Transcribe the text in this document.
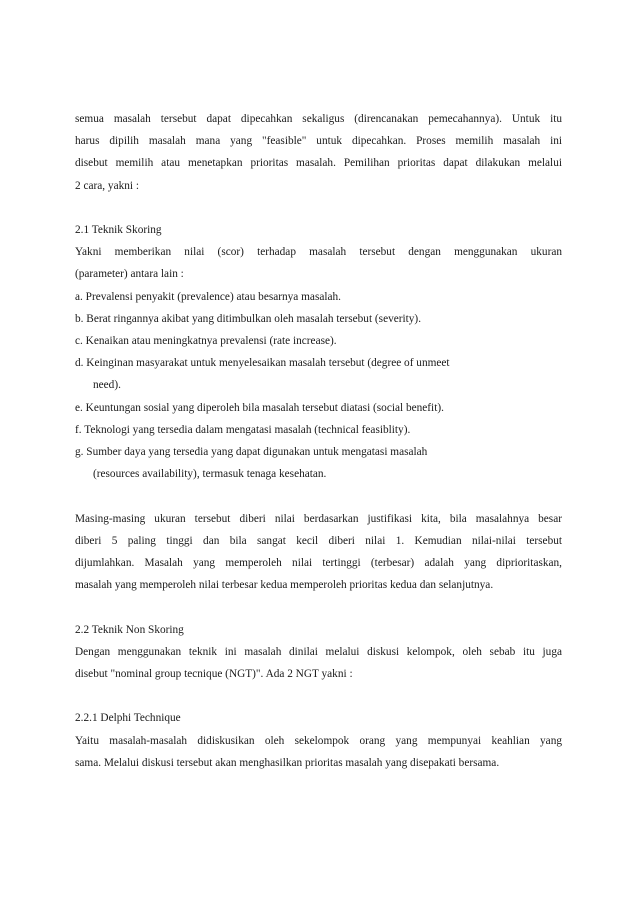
semua masalah tersebut dapat dipecahkan sekaligus (direncanakan pemecahannya). Untuk itu
harus dipilih masalah mana yang "feasible" untuk dipecahkan. Proses memilih masalah ini
disebut memilih atau menetapkan prioritas masalah. Pemilihan prioritas dapat dilakukan melalui
2 cara, yakni :
2.1 Teknik Skoring
Yakni memberikan nilai (scor) terhadap masalah tersebut dengan menggunakan ukuran
(parameter) antara lain :
a. Prevalensi penyakit (prevalence) atau besarnya masalah.
b. Berat ringannya akibat yang ditimbulkan oleh masalah tersebut (severity).
c. Kenaikan atau meningkatnya prevalensi (rate increase).
d. Keinginan masyarakat untuk menyelesaikan masalah tersebut (degree of unmeet
need).
e. Keuntungan sosial yang diperoleh bila masalah tersebut diatasi (social benefit).
f. Teknologi yang tersedia dalam mengatasi masalah (technical feasiblity).
g. Sumber daya yang tersedia yang dapat digunakan untuk mengatasi masalah
(resources availability), termasuk tenaga kesehatan.
Masing-masing ukuran tersebut diberi nilai berdasarkan justifikasi kita, bila masalahnya besar
diberi 5 paling tinggi dan bila sangat kecil diberi nilai 1. Kemudian nilai-nilai tersebut
dijumlahkan. Masalah yang memperoleh nilai tertinggi (terbesar) adalah yang diprioritaskan,
masalah yang memperoleh nilai terbesar kedua memperoleh prioritas kedua dan selanjutnya.
2.2 Teknik Non Skoring
Dengan menggunakan teknik ini masalah dinilai melalui diskusi kelompok, oleh sebab itu juga
disebut "nominal group tecnique (NGT)". Ada 2 NGT yakni :
2.2.1 Delphi Technique
Yaitu masalah-masalah didiskusikan oleh sekelompok orang yang mempunyai keahlian yang
sama. Melalui diskusi tersebut akan menghasilkan prioritas masalah yang disepakati bersama.
